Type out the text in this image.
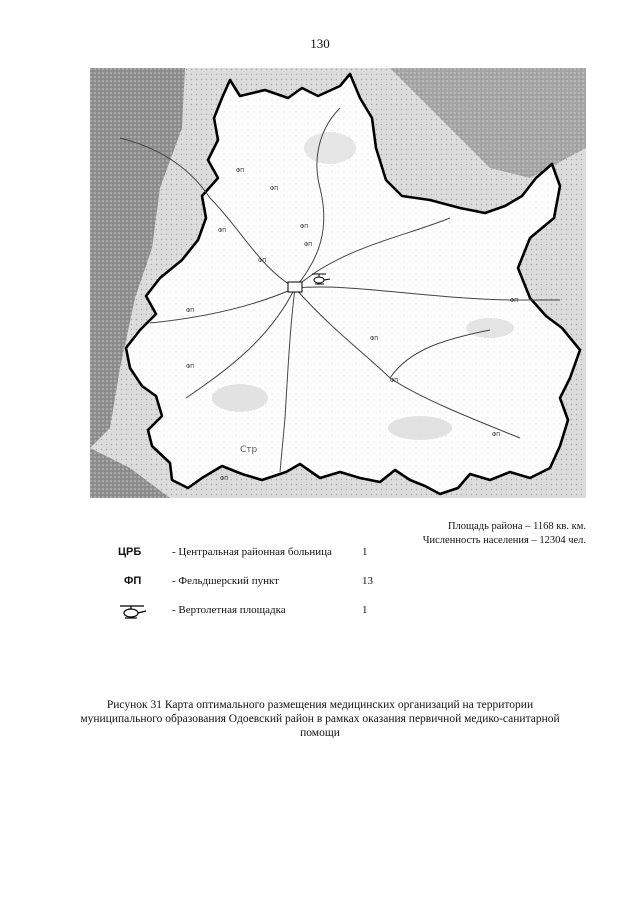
130
ФП
ФП
ФП
ФП
ФП
ФП
ФП
ФП
ФП
ФП
ФП
ФП
ФП
Стр
Площадь района – 1168 кв. км.
Численность населения – 12304 чел.
ЦРБ	- Центральная районная больница	1
ФП	- Фельдшерский пункт	13
- Вертолетная площадка	1
Рисунок 31 Карта оптимального размещения медицинских организаций на территории муниципального образования Одоевский район в рамках оказания первичной медико-санитарной помощи
